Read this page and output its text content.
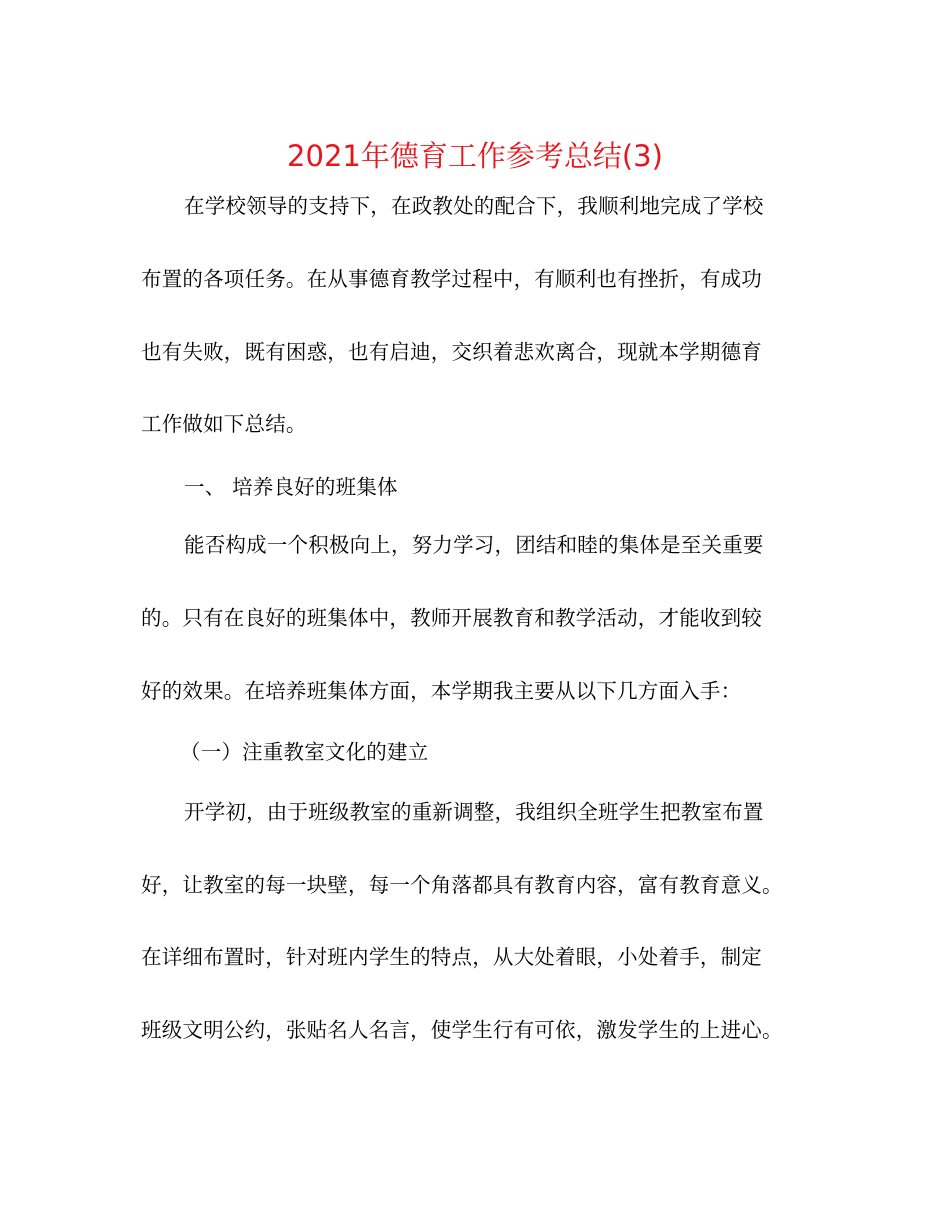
2021年德育工作参考总结(3)
在学校领导的支持下，在政教处的配合下，我顺利地完成了学校
布置的各项任务。在从事德育教学过程中，有顺利也有挫折，有成功
也有失败，既有困惑，也有启迪，交织着悲欢离合，现就本学期德育
工作做如下总结。
一、 培养良好的班集体
能否构成一个积极向上，努力学习，团结和睦的集体是至关重要
的。只有在良好的班集体中，教师开展教育和教学活动，才能收到较
好的效果。在培养班集体方面，本学期我主要从以下几方面入手：
（一）注重教室文化的建立
开学初，由于班级教室的重新调整，我组织全班学生把教室布置
好，让教室的每一块壁，每一个角落都具有教育内容，富有教育意义。
在详细布置时，针对班内学生的特点，从大处着眼，小处着手，制定
班级文明公约，张贴名人名言，使学生行有可依，激发学生的上进心。
